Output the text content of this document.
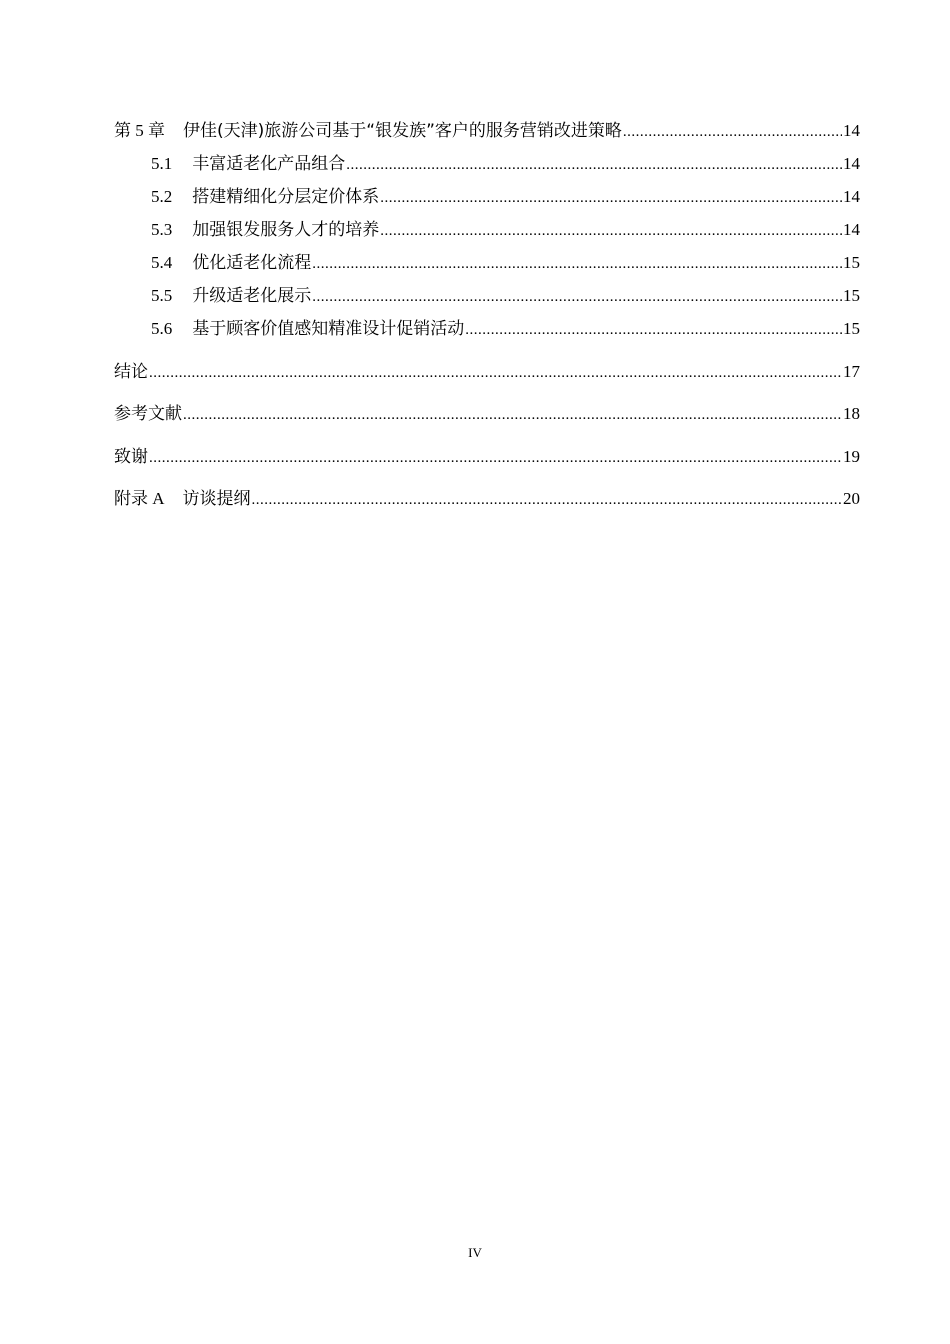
第 5 章 伊佳(天津)旅游公司基于“银发族”客户的服务营销改进策略 .....	14
5.1 丰富适老化产品组合 .....	14
5.2 搭建精细化分层定价体系 .....	14
5.3 加强银发服务人才的培养 .....	14
5.4 优化适老化流程 .....	15
5.5 升级适老化展示 .....	15
5.6 基于顾客价值感知精准设计促销活动 .....	15
结论 .....	17
参考文献 .....	18
致谢 .....	19
附录 A 访谈提纲 .....	20
IV
